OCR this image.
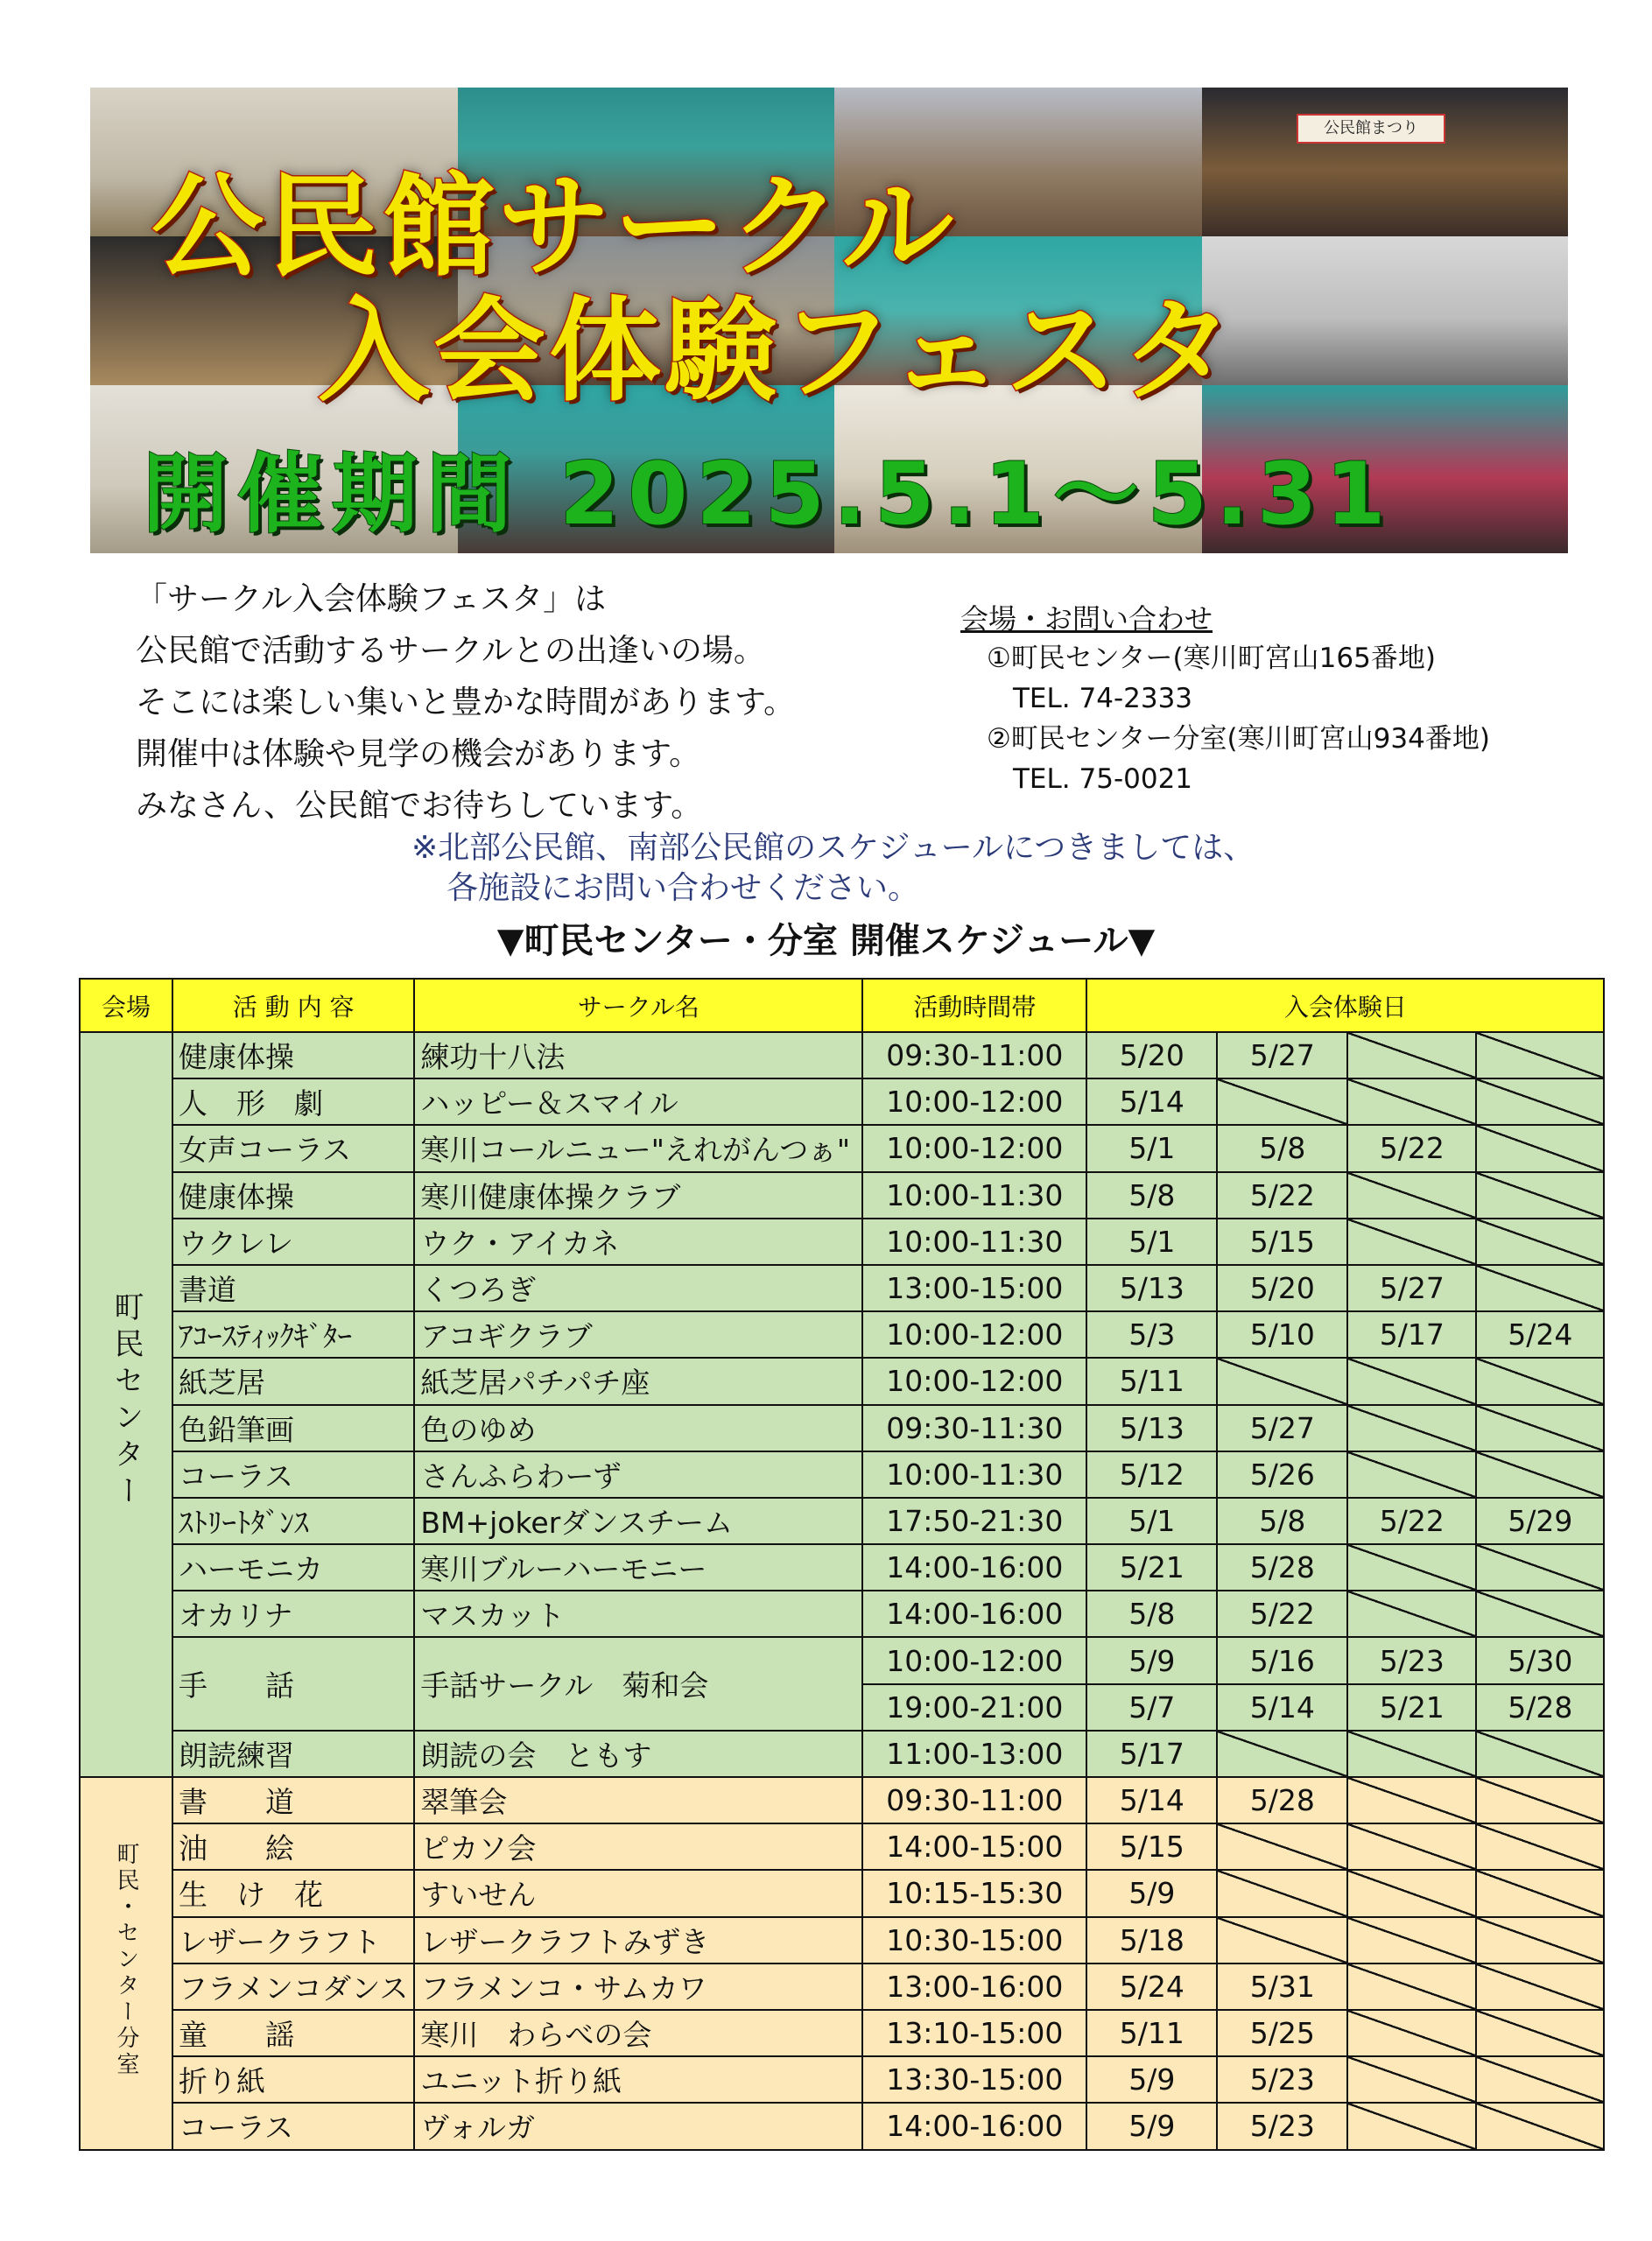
公民館まつり
公民館サークル
入会体験フェスタ
開催期間 2025.5.1～5.31

「サークル入会体験フェスタ」は

公民館で活動するサークルとの出逢いの場。

そこには楽しい集いと豊かな時間があります。

開催中は体験や見学の機会があります。

みなさん、公民館でお待ちしています。

会場・お問い合わせ
①町民センター(寒川町宮山165番地)
TEL. 74-2333
②町民センター分室(寒川町宮山934番地)
TEL. 75-0021

※北部公民館、南部公民館のスケジュールにつきましては、

各施設にお問い合わせください。

▼町民センター・分室 開催スケジュール▼
会場	活 動 内 容	サークル名	活動時間帯	入会体験日			
町民センター	健康体操	練功十八法	09:30-11:00	5/20	5/27		
	人　形　劇	ハッピー＆スマイル	10:00-12:00	5/14			
	女声コーラス	寒川コールニュー"えれがんつぁ"	10:00-12:00	5/1	5/8	5/22	
	健康体操	寒川健康体操クラブ	10:00-11:30	5/8	5/22		
	ウクレレ	ウク・アイカネ	10:00-11:30	5/1	5/15		
	書道	くつろぎ	13:00-15:00	5/13	5/20	5/27	
	ｱｺｰｽﾃｨｯｸｷﾞﾀｰ	アコギクラブ	10:00-12:00	5/3	5/10	5/17	5/24
	紙芝居	紙芝居パチパチ座	10:00-12:00	5/11			
	色鉛筆画	色のゆめ	09:30-11:30	5/13	5/27		
	コーラス	さんふらわーず	10:00-11:30	5/12	5/26		
	ｽﾄﾘｰﾄﾀﾞﾝｽ	BM+jokerダンスチーム	17:50-21:30	5/1	5/8	5/22	5/29
	ハーモニカ	寒川ブルーハーモニー	14:00-16:00	5/21	5/28		
	オカリナ	マスカット	14:00-16:00	5/8	5/22		
	手　　話	手話サークル　菊和会	10:00-12:00	5/9	5/16	5/23	5/30
			19:00-21:00	5/7	5/14	5/21	5/28
	朗読練習	朗読の会　ともす	11:00-13:00	5/17			
町民・センター分室	書　　道	翠筆会	09:30-11:00	5/14	5/28		
	油　　絵	ピカソ会	14:00-15:00	5/15			
	生　け　花	すいせん	10:15-15:30	5/9			
	レザークラフト	レザークラフトみずき	10:30-15:00	5/18			
	フラメンコダンス	フラメンコ・サムカワ	13:00-16:00	5/24	5/31		
	童　　謡	寒川　わらべの会	13:10-15:00	5/11	5/25		
	折り紙	ユニット折り紙	13:30-15:00	5/9	5/23		
	コーラス	ヴォルガ	14:00-16:00	5/9	5/23		
